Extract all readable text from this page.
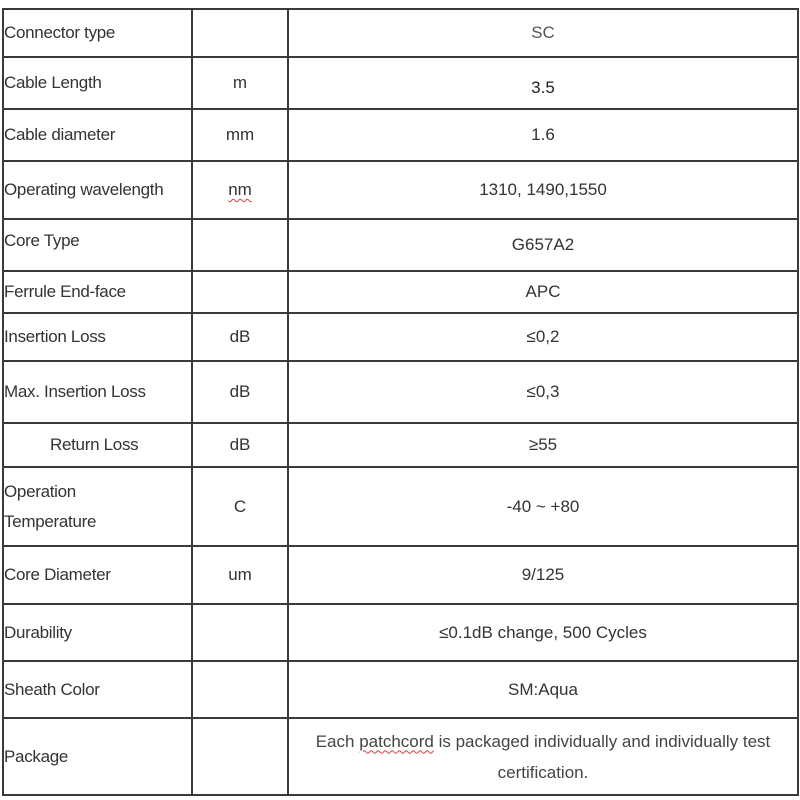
Connector type		SC
Cable Length	m	3.5
Cable diameter	mm	1.6
Operating wavelength	nm	1310, 1490,1550
Core Type		G657A2
Ferrule End-face		APC
Insertion Loss	dB	≤0,2
Max. Insertion Loss	dB	≤0,3
Return Loss	dB	≥55

Operation
Temperature	C	-40 ~ +80
Core Diameter	um	9/125
Durability		≤0.1dB change, 500 Cycles
Sheath Color		SM:Aqua
Package		Each patchcord is packaged individually and individually test certification.
